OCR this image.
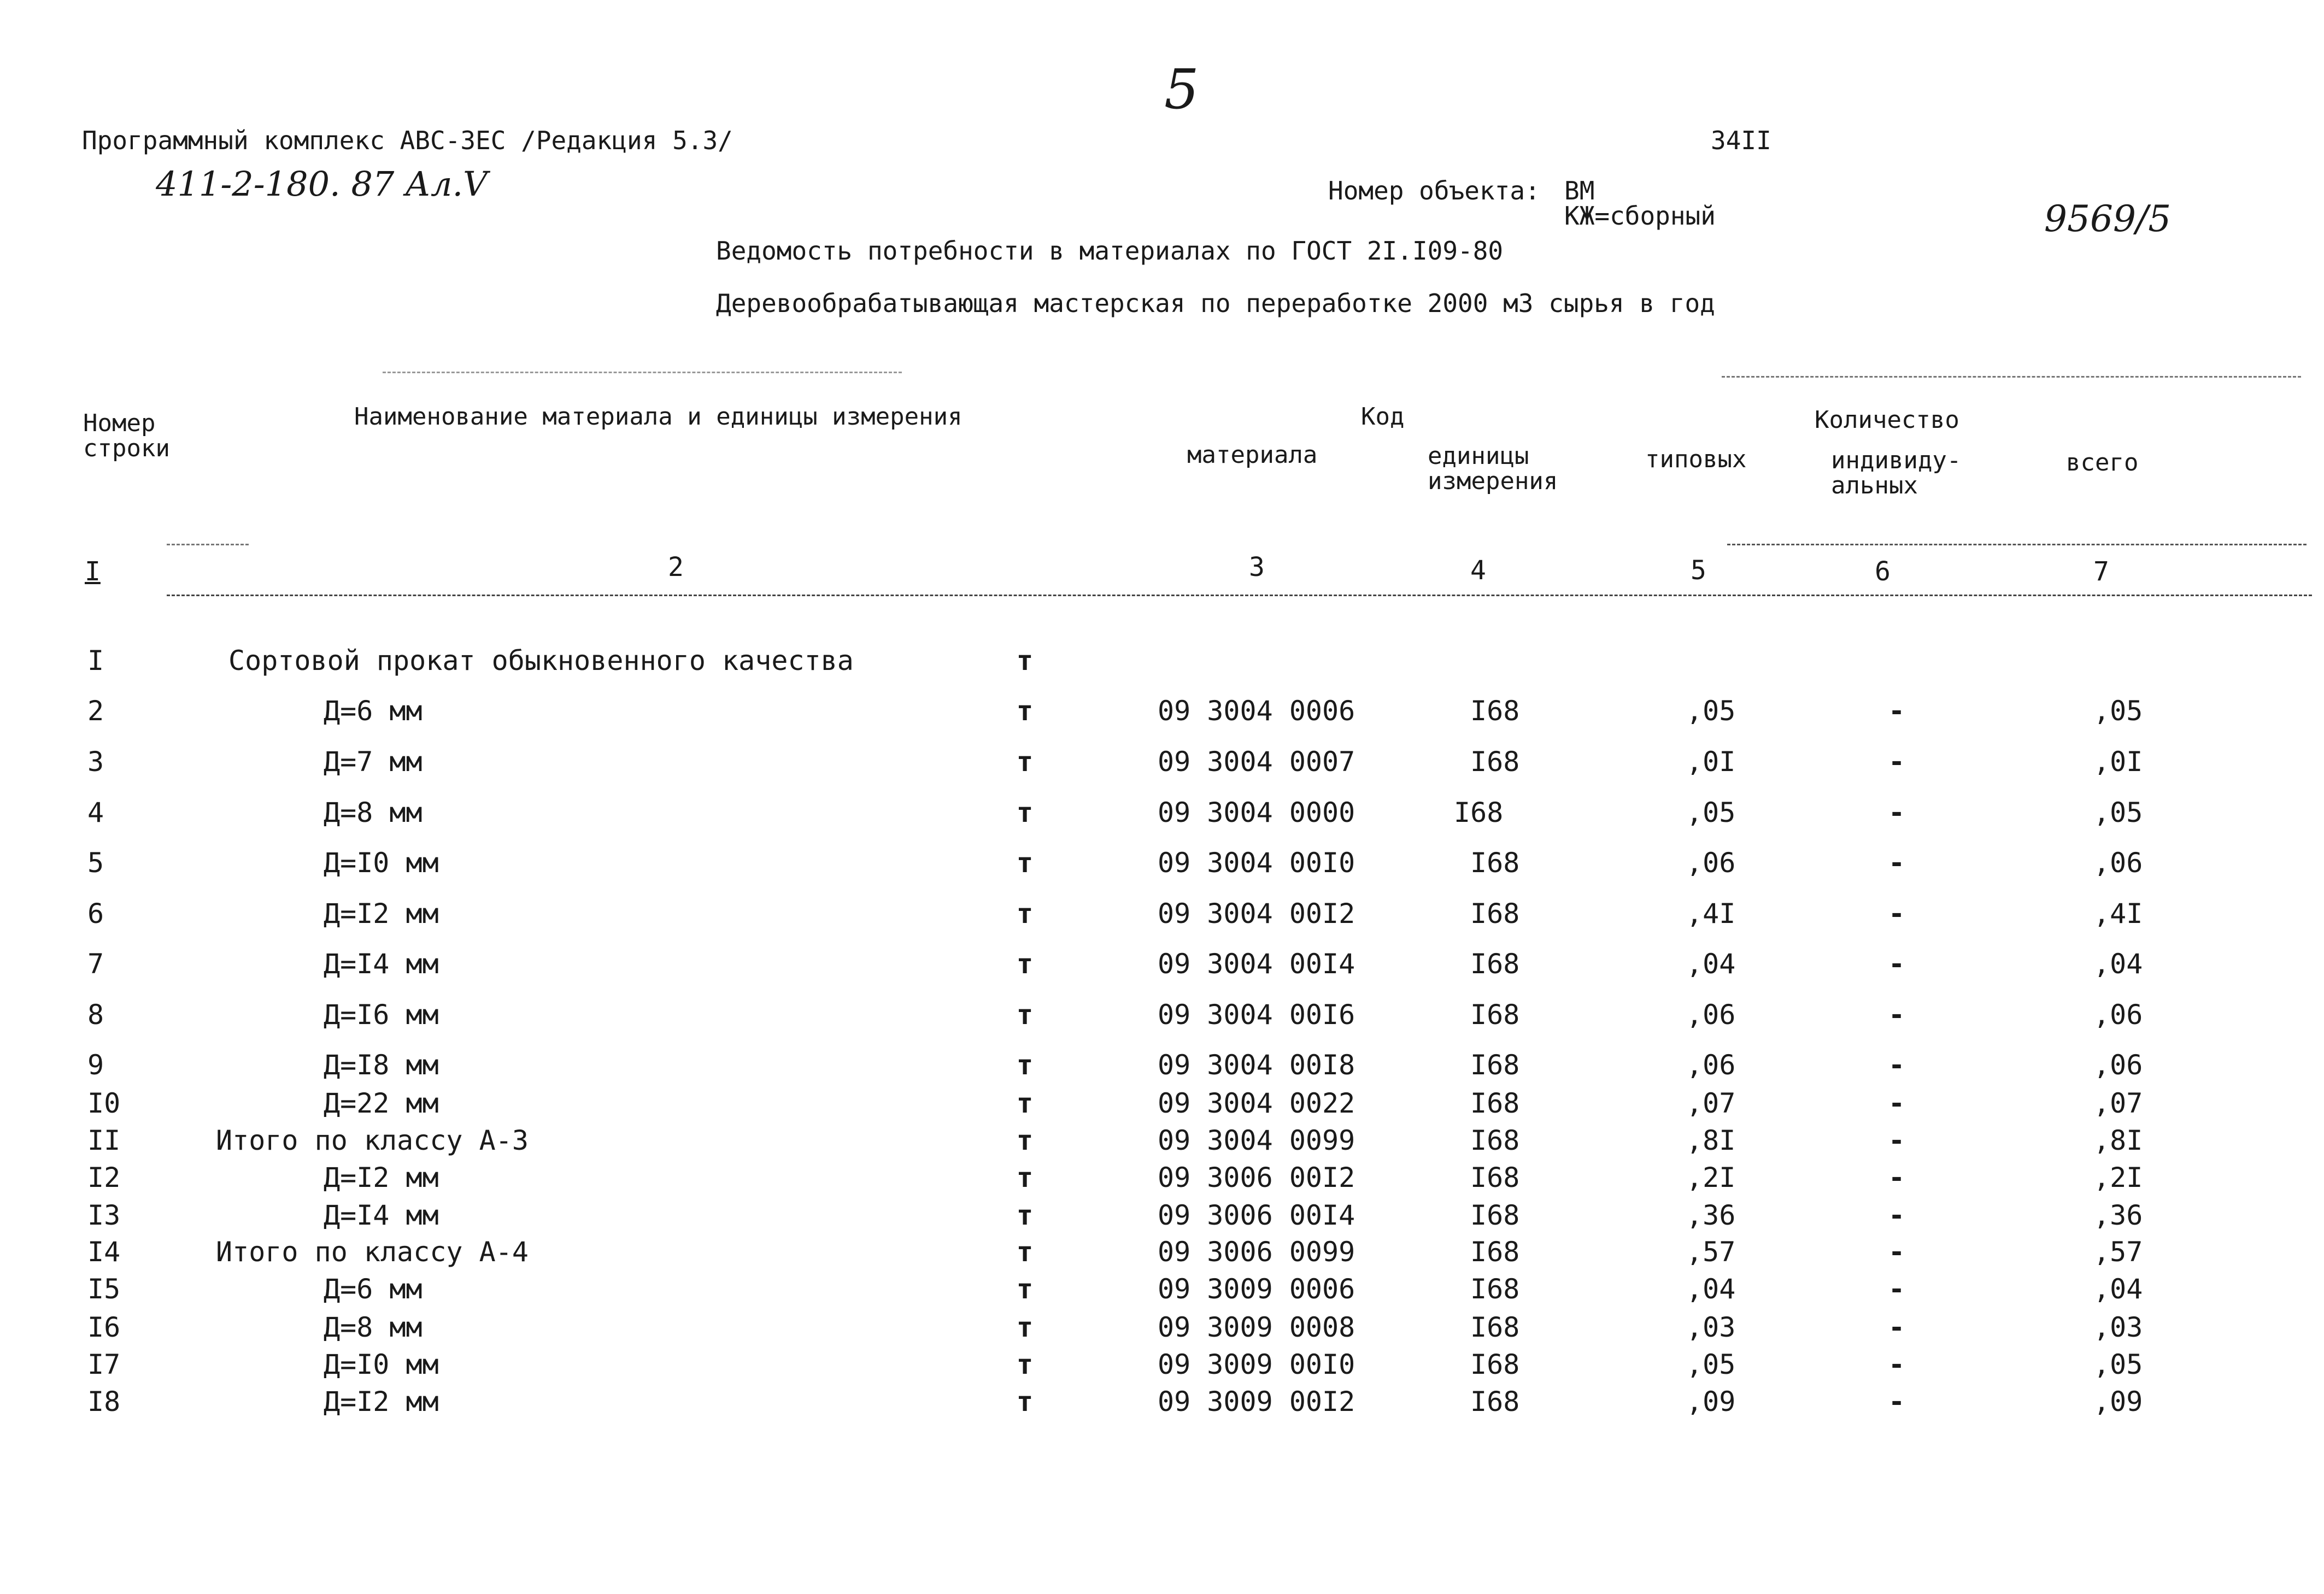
5
Программный комплекс АВС-3ЕС /Редакция 5.3/	34II
411-2-180. 87 Ал.V	Номер объекта: ВМ
КЖ=сборный	9569/5
Ведомость потребности в материалах по ГОСТ 2I.I09-80
Деревообрабатывающая мастерская по переработке 2000 м3 сырья в год
Номер
строки
Наименование материала и единицы измерения	Код
материала	единицы
измерения
Количество
типовых	индивиду-
альных
всего
I	2	3	4	5	6	7
I	Сортовой прокат обыкновенного качества	т
2	Д=6 мм	т	09 3004 0006	I68	,05	-	,05
3	Д=7 мм	т	09 3004 0007	I68	,0I	-	,0I
4	Д=8 мм	т	09 3004 0000	I68	,05	-	,05
5	Д=I0 мм	т	09 3004 00I0	I68	,06	-	,06
6	Д=I2 мм	т	09 3004 00I2	I68	,4I	-	,4I
7	Д=I4 мм	т	09 3004 00I4	I68	,04	-	,04
8	Д=I6 мм	т	09 3004 00I6	I68	,06	-	,06
9	Д=I8 мм	т	09 3004 00I8	I68	,06	-	,06
I0	Д=22 мм	т	09 3004 0022	I68	,07	-	,07
II	Итого по классу А-3	т	09 3004 0099	I68	,8I	-	,8I
I2	Д=I2 мм	т	09 3006 00I2	I68	,2I	-	,2I
I3	Д=I4 мм	т	09 3006 00I4	I68	,36	-	,36
I4	Итого по классу А-4	т	09 3006 0099	I68	,57	-	,57
I5	Д=6 мм	т	09 3009 0006	I68	,04	-	,04
I6	Д=8 мм	т	09 3009 0008	I68	,03	-	,03
I7	Д=I0 мм	т	09 3009 00I0	I68	,05	-	,05
I8	Д=I2 мм	т	09 3009 00I2	I68	,09	-	,09
